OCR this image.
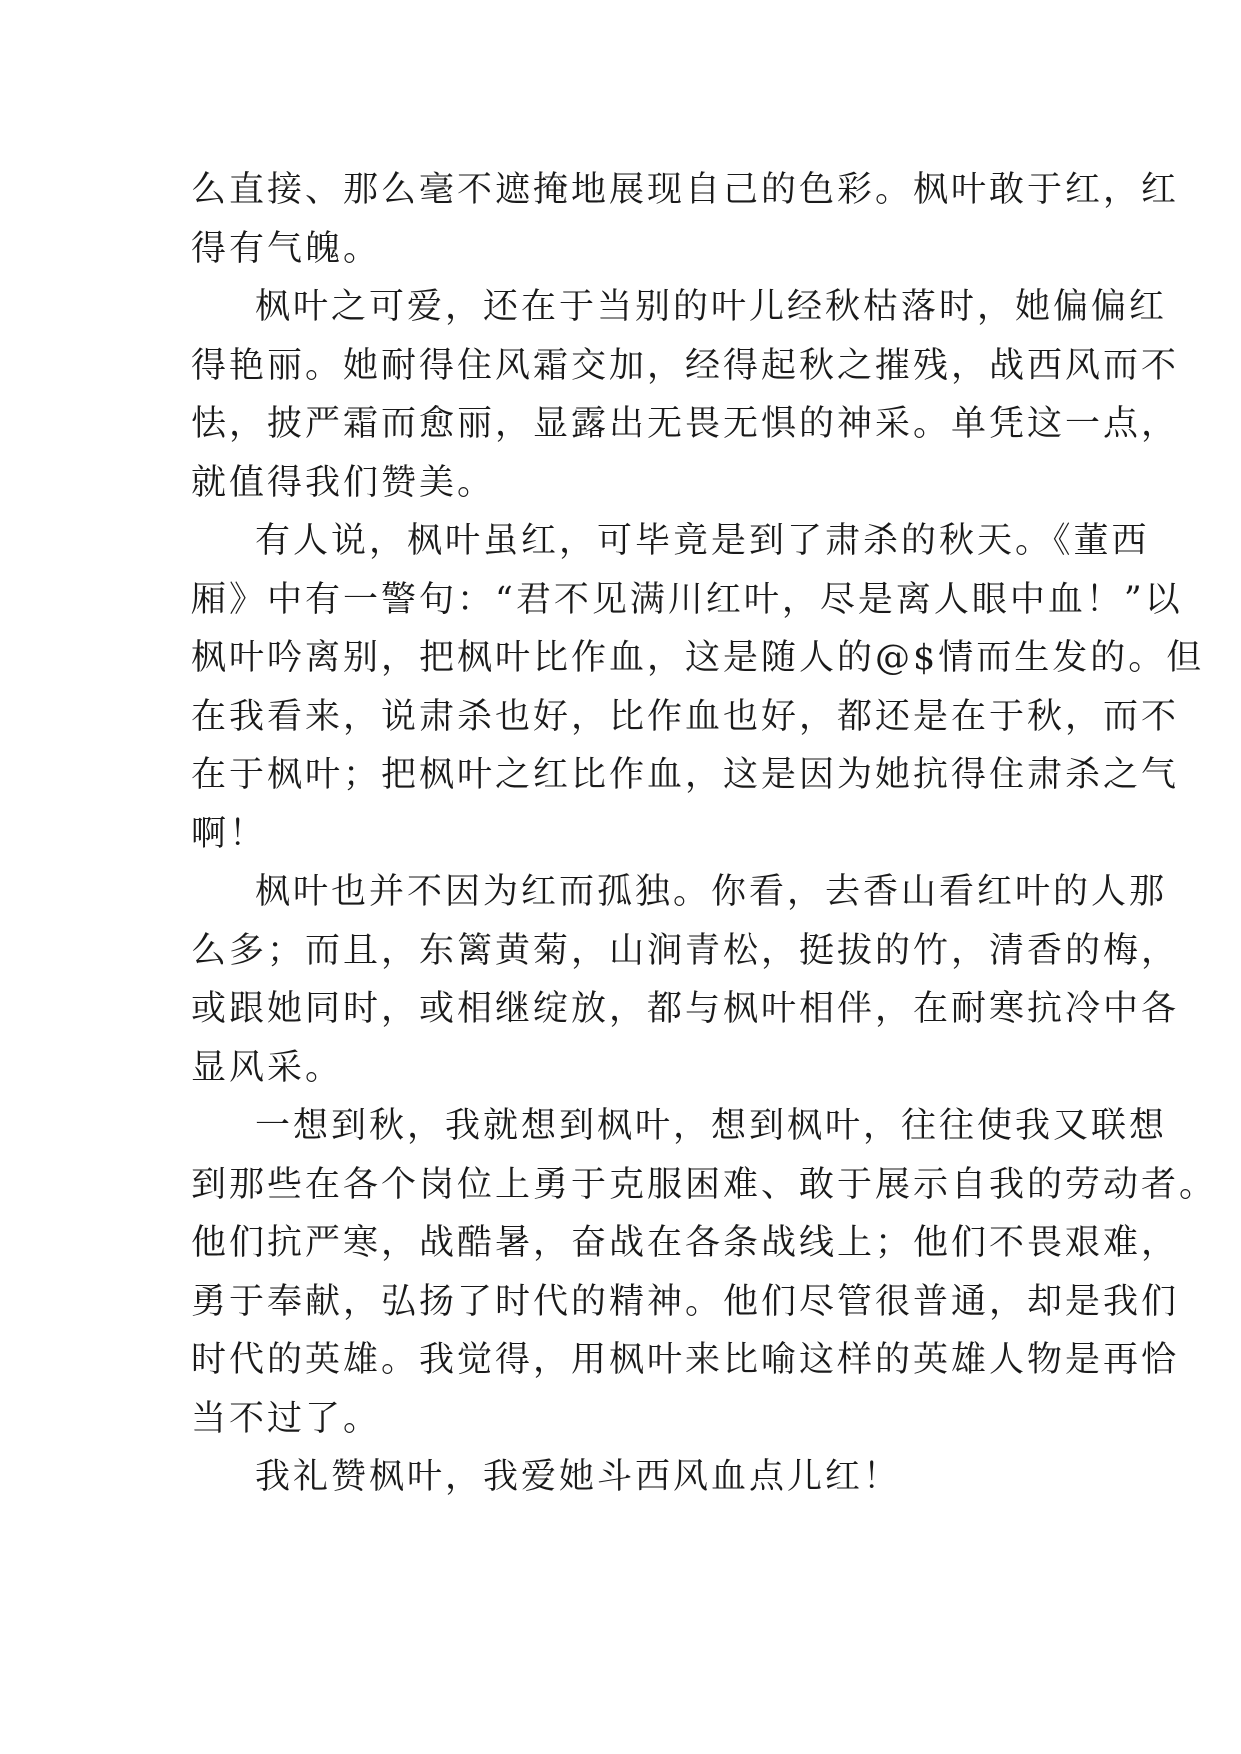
么直接、那么毫不遮掩地展现自己的色彩。枫叶敢于红，红
得有气魄。
枫叶之可爱，还在于当别的叶儿经秋枯落时，她偏偏红
得艳丽。她耐得住风霜交加，经得起秋之摧残，战西风而不
怯，披严霜而愈丽，显露出无畏无惧的神采。单凭这一点，
就值得我们赞美。
有人说，枫叶虽红，可毕竟是到了肃杀的秋天。《董西
厢》中有一警句：“君不见满川红叶，尽是离人眼中血！”以
枫叶吟离别，把枫叶比作血，这是随人的@$情而生发的。但
在我看来，说肃杀也好，比作血也好，都还是在于秋，而不
在于枫叶；把枫叶之红比作血，这是因为她抗得住肃杀之气
啊！
枫叶也并不因为红而孤独。你看，去香山看红叶的人那
么多；而且，东篱黄菊，山涧青松，挺拔的竹，清香的梅，
或跟她同时，或相继绽放，都与枫叶相伴，在耐寒抗冷中各
显风采。
一想到秋，我就想到枫叶，想到枫叶，往往使我又联想
到那些在各个岗位上勇于克服困难、敢于展示自我的劳动者。
他们抗严寒，战酷暑，奋战在各条战线上；他们不畏艰难，
勇于奉献，弘扬了时代的精神。他们尽管很普通，却是我们
时代的英雄。我觉得，用枫叶来比喻这样的英雄人物是再恰
当不过了。
我礼赞枫叶，我爱她斗西风血点儿红！
